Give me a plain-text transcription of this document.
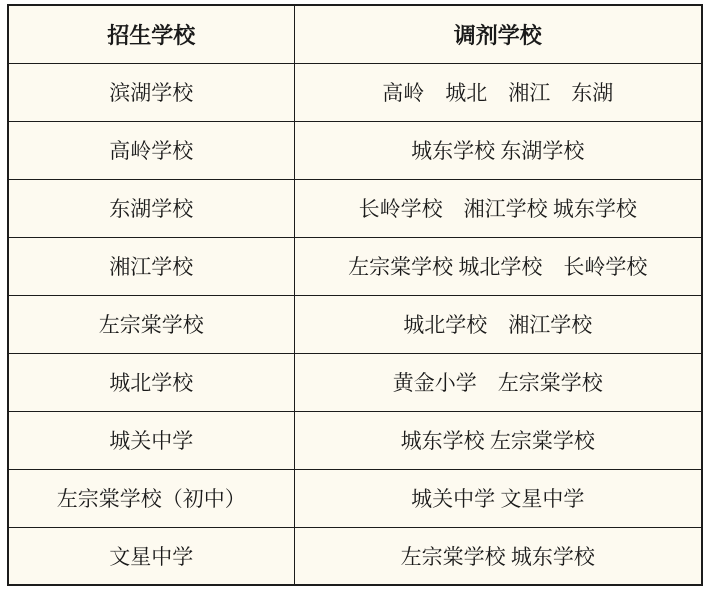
招生学校	调剂学校
滨湖学校	高岭　城北　湘江　东湖
高岭学校	城东学校 东湖学校
东湖学校	长岭学校　湘江学校 城东学校
湘江学校	左宗棠学校 城北学校　长岭学校
左宗棠学校	城北学校　湘江学校
城北学校	黄金小学　左宗棠学校
城关中学	城东学校 左宗棠学校
左宗棠学校（初中）	城关中学 文星中学
文星中学	左宗棠学校 城东学校
